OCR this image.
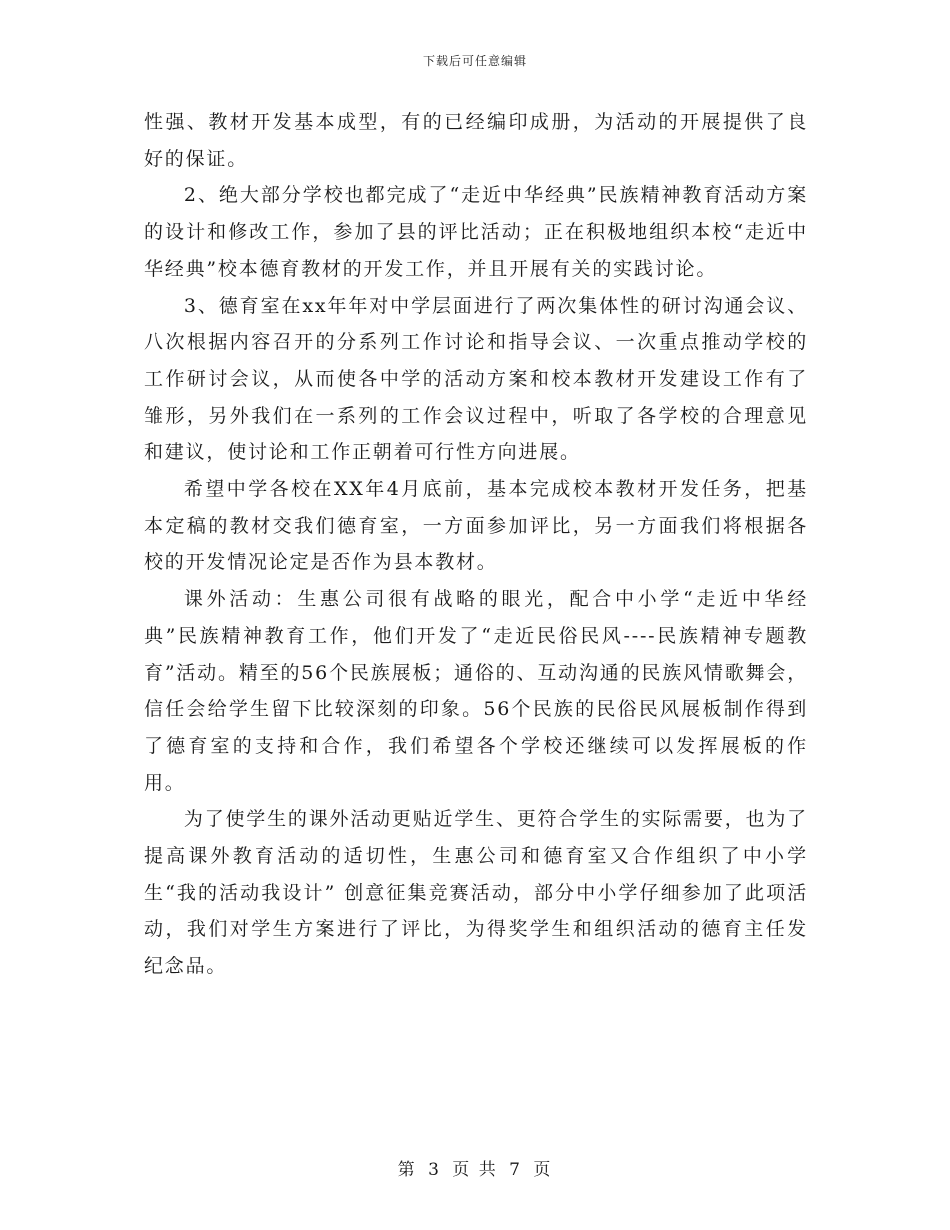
下载后可任意编辑

性强、教材开发基本成型，有的已经编印成册，为活动的开展提供了良好的保证。

2、绝大部分学校也都完成了“走近中华经典”民族精神教育活动方案的设计和修改工作，参加了县的评比活动；正在积极地组织本校“走近中华经典”校本德育教材的开发工作，并且开展有关的实践讨论。

3、德育室在xx年年对中学层面进行了两次集体性的研讨沟通会议、八次根据内容召开的分系列工作讨论和指导会议、一次重点推动学校的工作研讨会议，从而使各中学的活动方案和校本教材开发建设工作有了雏形，另外我们在一系列的工作会议过程中，听取了各学校的合理意见和建议，使讨论和工作正朝着可行性方向进展。

希望中学各校在XX年4月底前，基本完成校本教材开发任务，把基本定稿的教材交我们德育室，一方面参加评比，另一方面我们将根据各校的开发情况论定是否作为县本教材。

课外活动：生惠公司很有战略的眼光，配合中小学“走近中华经典”民族精神教育工作，他们开发了“走近民俗民风----民族精神专题教育”活动。精至的56个民族展板；通俗的、互动沟通的民族风情歌舞会，信任会给学生留下比较深刻的印象。56个民族的民俗民风展板制作得到了德育室的支持和合作，我们希望各个学校还继续可以发挥展板的作用。

为了使学生的课外活动更贴近学生、更符合学生的实际需要，也为了提高课外教育活动的适切性，生惠公司和德育室又合作组织了中小学生“我的活动我设计” 创意征集竞赛活动，部分中小学仔细参加了此项活动，我们对学生方案进行了评比，为得奖学生和组织活动的德育主任发纪念品。

第 3 页 共 7 页
